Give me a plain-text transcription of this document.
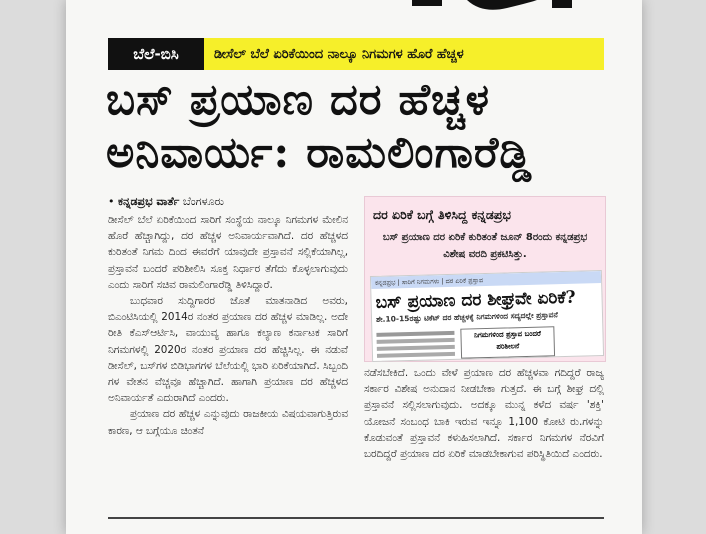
ಬೆಲೆ-ಬಿಸಿ	ಡೀಸೆಲ್ ಬೆಲೆ ಏರಿಕೆಯಿಂದ ನಾಲ್ಕೂ ನಿಗಮಗಳ ಹೊರೆ ಹೆಚ್ಚಳ
ಬಸ್ ಪ್ರಯಾಣ ದರ ಹೆಚ್ಚಳ
ಅನಿವಾರ್ಯ: ರಾಮಲಿಂಗಾರೆಡ್ಡಿ
• ಕನ್ನಡಪ್ರಭ ವಾರ್ತೆ ಬೆಂಗಳೂರು

ಡೀಸೆಲ್ ಬೆಲೆ ಏರಿಕೆಯಿಂದ ಸಾರಿಗೆ ಸಂಸ್ಥೆಯ ನಾಲ್ಕೂ ನಿಗಮಗಳ ಮೇಲಿನ ಹೊರೆ ಹೆಚ್ಚಾಗಿದ್ದು, ದರ ಹೆಚ್ಚಳ ಅನಿವಾರ್ಯವಾಗಿದೆ. ದರ ಹೆಚ್ಚಳದ ಕುರಿತಂತೆ ನಿಗಮ ದಿಂದ ಈವರೆಗೆ ಯಾವುದೇ ಪ್ರಸ್ತಾವನೆ ಸಲ್ಲಿಕೆಯಾಗಿಲ್ಲ, ಪ್ರಸ್ತಾವನೆ ಬಂದರೆ ಪರಿಶೀಲಿಸಿ ಸೂಕ್ತ ನಿರ್ಧಾರ ತೆಗೆದು ಕೊಳ್ಳಲಾಗುವುದು ಎಂದು ಸಾರಿಗೆ ಸಚಿವ ರಾಮಲಿಂಗಾರೆಡ್ಡಿ ತಿಳಿಸಿದ್ದಾರೆ.

ಬುಧವಾರ ಸುದ್ದಿಗಾರರ ಜೊತೆ ಮಾತನಾಡಿದ ಅವರು, ಬಿಎಂಟಿಸಿಯಲ್ಲಿ 2014ರ ನಂತರ ಪ್ರಯಾಣ ದರ ಹೆಚ್ಚಳ ಮಾಡಿಲ್ಲ. ಅದೇ ರೀತಿ ಕೆಎಸ್ಆರ್ಟಿಸಿ, ವಾಯುವ್ಯ ಹಾಗೂ ಕಲ್ಯಾಣ ಕರ್ನಾಟಕ ಸಾರಿಗೆ ನಿಗಮಗಳಲ್ಲಿ 2020ರ ನಂತರ ಪ್ರಯಾಣ ದರ ಹೆಚ್ಚಿಸಿಲ್ಲ. ಈ ನಡುವೆ ಡೀಸೆಲ್, ಬಸ್‌ಗಳ ಬಿಡಿಭಾಗಗಳ ಬೆಲೆಯಲ್ಲಿ ಭಾರಿ ಏರಿಕೆಯಾಗಿದೆ. ಸಿಬ್ಬಂದಿ ಗಳ ವೇತನ ವೆಚ್ಚವೂ ಹೆಚ್ಚಾಗಿದೆ. ಹಾಗಾಗಿ ಪ್ರಯಾಣ ದರ ಹೆಚ್ಚಳದ ಅನಿವಾರ್ಯತೆ ಎದುರಾಗಿದೆ ಎಂದರು.

ಪ್ರಯಾಣ ದರ ಹೆಚ್ಚಳ ಎನ್ನುವುದು ರಾಜಕೀಯ ವಿಷಯವಾಗುತ್ತಿರುವ ಕಾರಣ, ಆ ಬಗ್ಗೆಯೂ ಚಿಂತನೆ

ದರ ಏರಿಕೆ ಬಗ್ಗೆ ತಿಳಿಸಿದ್ದ ಕನ್ನಡಪ್ರಭ
ಬಸ್ ಪ್ರಯಾಣ ದರ ಏರಿಕೆ ಕುರಿತಂತೆ ಜೂನ್ 8ರಂದು ಕನ್ನಡಪ್ರಭ ವಿಶೇಷ ವರದಿ ಪ್ರಕಟಿಸಿತ್ತು.
ಕನ್ನಡಪ್ರಭ | ಸಾರಿಗೆ ನಿಗಮಗಳು | ದರ ಏರಿಕೆ ಪ್ರಸ್ತಾವ
ಬಸ್ ಪ್ರಯಾಣ ದರ ಶೀಘ್ರವೇ ಏರಿಕೆ?
ಶೇ.10-15ರಷ್ಟು ಟಿಕೆಟ್ ದರ ಹೆಚ್ಚಳಕ್ಕೆ ನಿಗಮಗಳಿಂದ ಸದ್ಯದಲ್ಲೇ ಪ್ರಸ್ತಾವನೆ
ನಿಗಮಗಳಿಂದ ಪ್ರಸ್ತಾವ ಬಂದರೆ ಪರಿಶೀಲನೆ

ನಡೆಸಬೇಕಿದೆ. ಒಂದು ವೇಳೆ ಪ್ರಯಾಣ ದರ ಹೆಚ್ಚಳವಾ ಗದಿದ್ದರೆ ರಾಜ್ಯ ಸರ್ಕಾರ ವಿಶೇಷ ಅನುದಾನ ನೀಡಬೇಕಾ ಗುತ್ತದೆ. ಈ ಬಗ್ಗೆ ಶೀಘ್ರ ದಲ್ಲಿ ಪ್ರಸ್ತಾವನೆ ಸಲ್ಲಿಸಲಾಗುವುದು. ಅದಕ್ಕೂ ಮುನ್ನ ಕಳೆದ ವರ್ಷ 'ಶಕ್ತಿ' ಯೋಜನೆ ಸಂಬಂಧ ಬಾಕಿ ಇರುವ ಇನ್ನೂ 1,100 ಕೋಟಿ ರು.ಗಳನ್ನು ಕೊಡುವಂತೆ ಪ್ರಸ್ತಾವನೆ ಕಳುಹಿಸಲಾಗಿದೆ. ಸರ್ಕಾರ ನಿಗಮಗಳ ನೆರವಿಗೆ ಬರದಿದ್ದರೆ ಪ್ರಯಾಣ ದರ ಏರಿಕೆ ಮಾಡಬೇಕಾಗುವ ಪರಿಸ್ಥಿತಿಯಿದೆ ಎಂದರು.
